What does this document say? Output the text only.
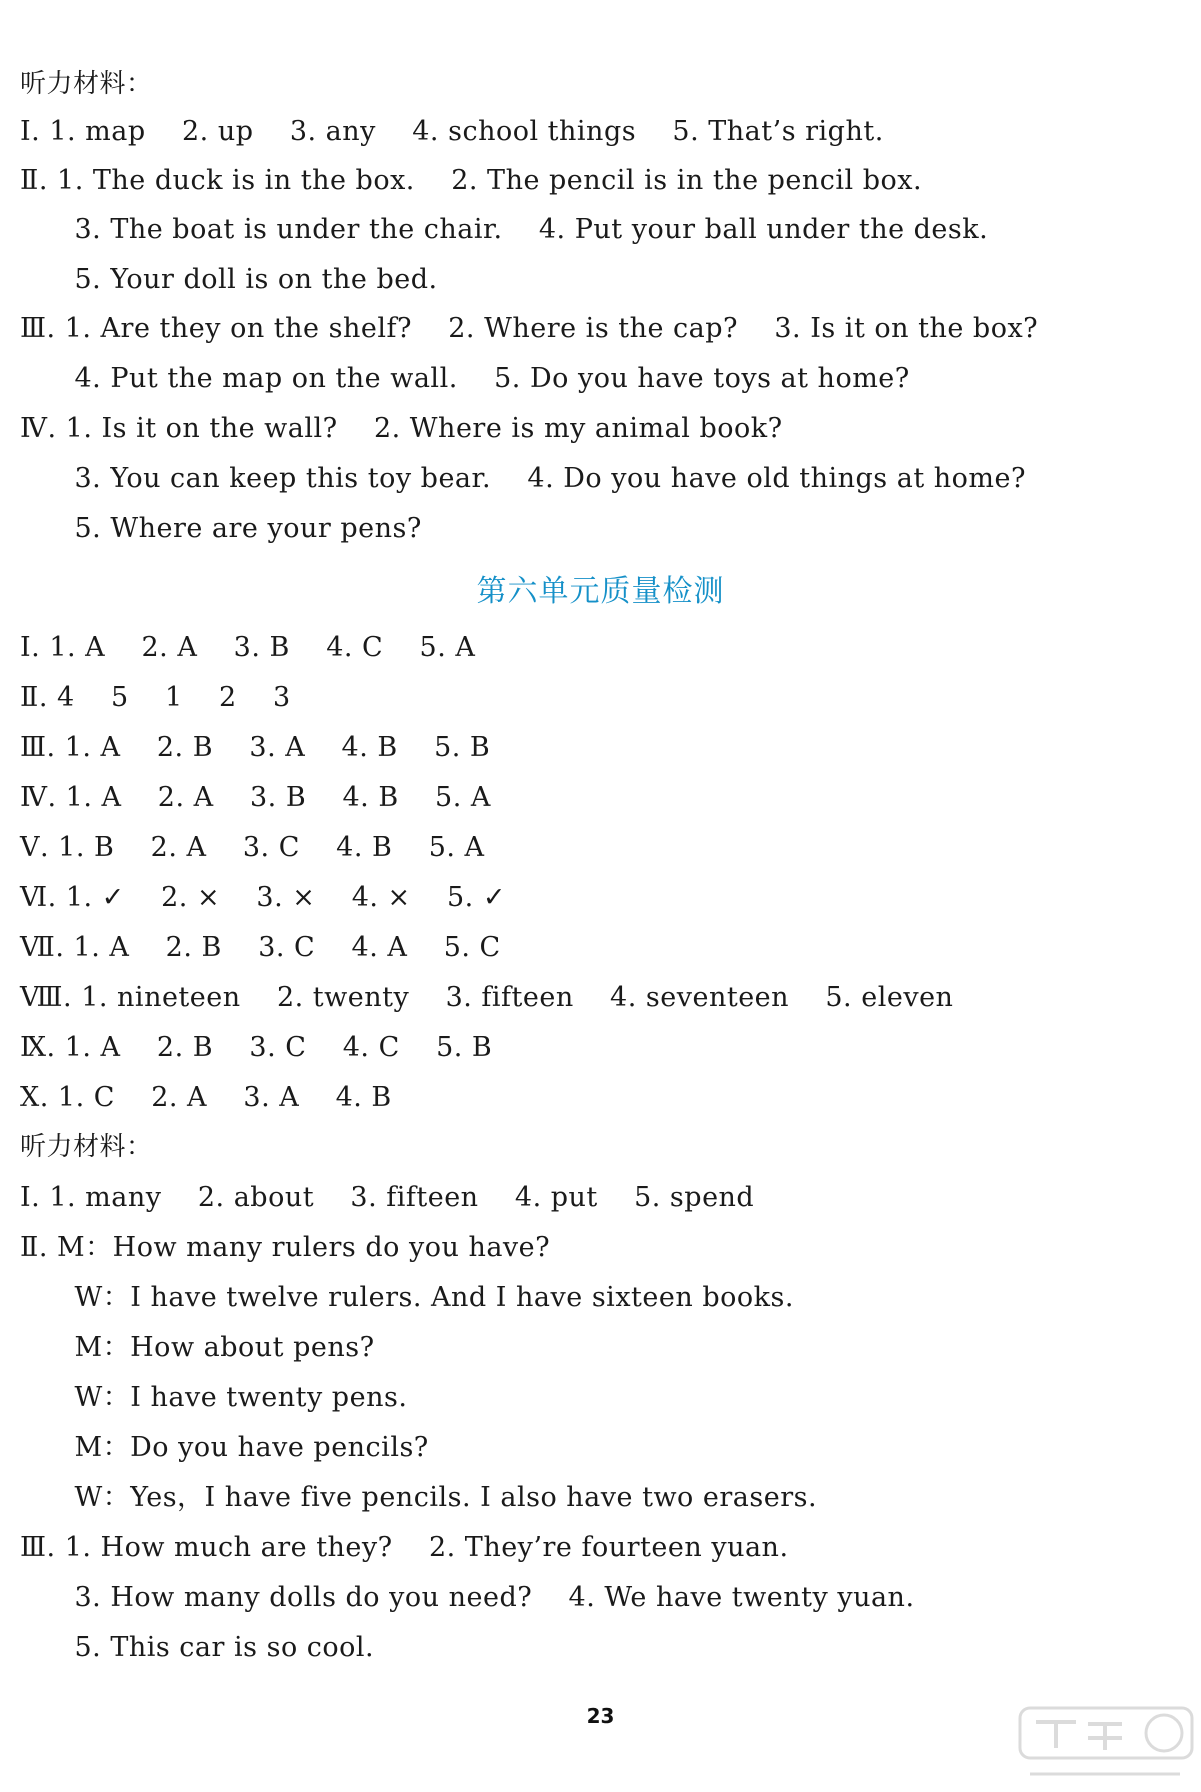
听力材料：
Ⅰ. 1. map    2. up    3. any    4. school things    5. That’s right.
Ⅱ. 1. The duck is in the box.    2. The pencil is in the pencil box.
3. The boat is under the chair.    4. Put your ball under the desk.
5. Your doll is on the bed.
Ⅲ. 1. Are they on the shelf?    2. Where is the cap?    3. Is it on the box?
4. Put the map on the wall.    5. Do you have toys at home?
Ⅳ. 1. Is it on the wall?    2. Where is my animal book?
3. You can keep this toy bear.    4. Do you have old things at home?
5. Where are your pens?
第六单元质量检测
Ⅰ. 1. A    2. A    3. B    4. C    5. A
Ⅱ. 4    5    1    2    3
Ⅲ. 1. A    2. B    3. A    4. B    5. B
Ⅳ. 1. A    2. A    3. B    4. B    5. A
Ⅴ. 1. B    2. A    3. C    4. B    5. A
Ⅵ. 1. ✓    2. ×    3. ×    4. ×    5. ✓
Ⅶ. 1. A    2. B    3. C    4. A    5. C
Ⅷ. 1. nineteen    2. twenty    3. fifteen    4. seventeen    5. eleven
Ⅸ. 1. A    2. B    3. C    4. C    5. B
Ⅹ. 1. C    2. A    3. A    4. B
听力材料：
Ⅰ. 1. many    2. about    3. fifteen    4. put    5. spend
Ⅱ. M：How many rulers do you have?
W：I have twelve rulers. And I have sixteen books.
M：How about pens?
W：I have twenty pens.
M：Do you have pencils?
W：Yes，I have five pencils. I also have two erasers.
Ⅲ. 1. How much are they?    2. They’re fourteen yuan.
3. How many dolls do you need?    4. We have twenty yuan.
5. This car is so cool.
23
